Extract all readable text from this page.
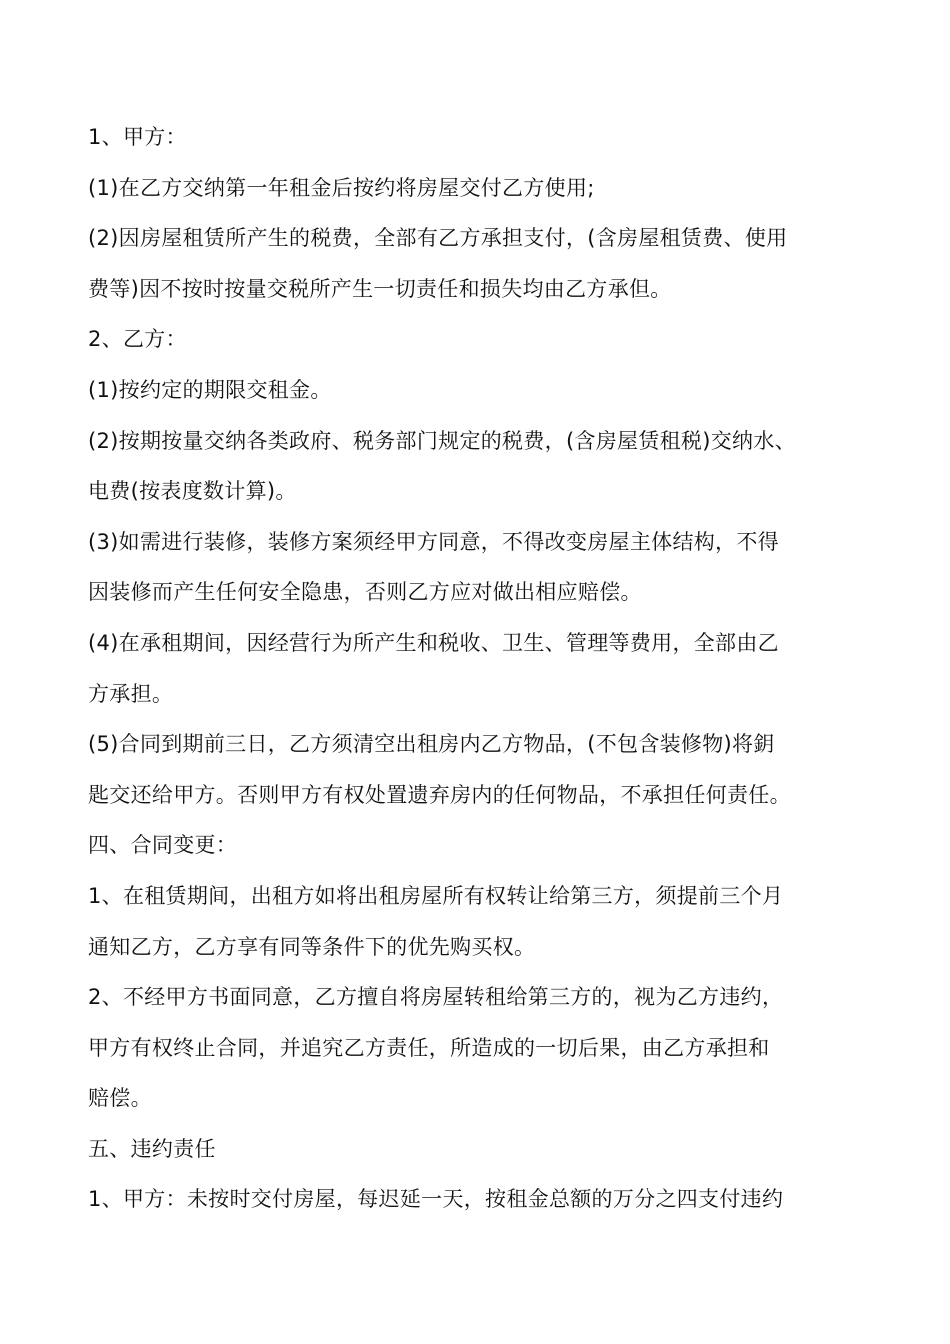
1、甲方：
(1)在乙方交纳第一年租金后按约将房屋交付乙方使用;
(2)因房屋租赁所产生的税费，全部有乙方承担支付，(含房屋租赁费、使用
费等)因不按时按量交税所产生一切责任和损失均由乙方承但。
2、乙方：
(1)按约定的期限交租金。
(2)按期按量交纳各类政府、税务部门规定的税费，(含房屋赁租税)交纳水、
电费(按表度数计算)。
(3)如需进行装修，装修方案须经甲方同意，不得改变房屋主体结构，不得
因装修而产生任何安全隐患，否则乙方应对做出相应赔偿。
(4)在承租期间，因经营行为所产生和税收、卫生、管理等费用，全部由乙
方承担。
(5)合同到期前三日，乙方须清空出租房内乙方物品，(不包含装修物)将鈅
匙交还给甲方。否则甲方有权处置遗弃房内的任何物品，不承担任何责任。
四、合同变更：
1、在租赁期间，出租方如将出租房屋所有权转让给第三方，须提前三个月
通知乙方，乙方享有同等条件下的优先购买权。
2、不经甲方书面同意，乙方擅自将房屋转租给第三方的，视为乙方违约，
甲方有权终止合同，并追究乙方责任，所造成的一切后果，由乙方承担和
赔偿。
五、违约责任
1、甲方：未按时交付房屋，每迟延一天，按租金总额的万分之四支付违约
